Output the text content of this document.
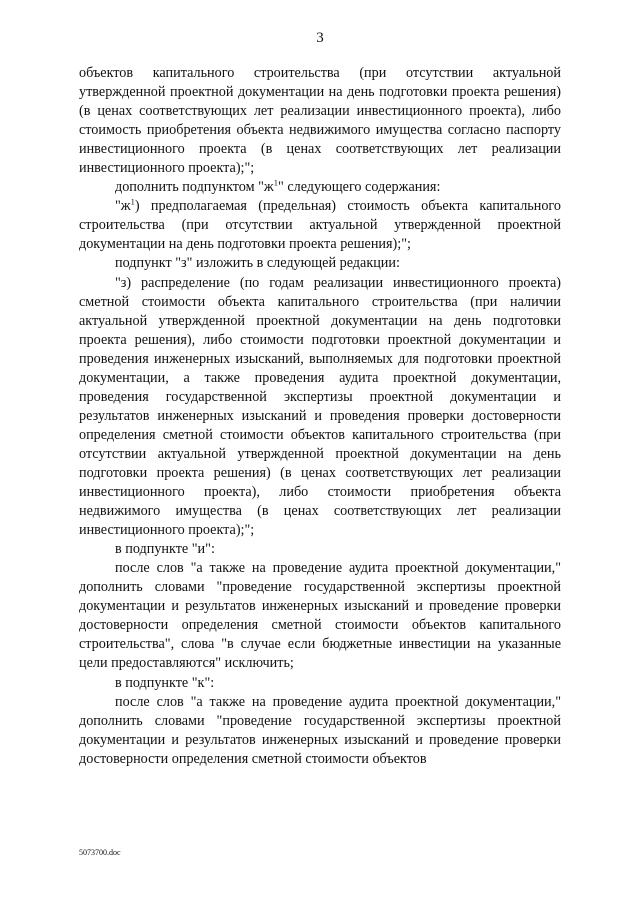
3

объектов капитального строительства (при отсутствии актуальной утвержденной проектной документации на день подготовки проекта решения) (в ценах соответствующих лет реализации инвестиционного проекта), либо стоимость приобретения объекта недвижимого имущества согласно паспорту инвестиционного проекта (в ценах соответствующих лет реализации инвестиционного проекта);";

дополнить подпунктом "$ж^1$" следующего содержания:

"$ж^1$) предполагаемая (предельная) стоимость объекта капитального строительства (при отсутствии актуальной утвержденной проектной документации на день подготовки проекта решения);";

подпункт "з" изложить в следующей редакции:

"з) распределение (по годам реализации инвестиционного проекта) сметной стоимости объекта капитального строительства (при наличии актуальной утвержденной проектной документации на день подготовки проекта решения), либо стоимости подготовки проектной документации и проведения инженерных изысканий, выполняемых для подготовки проектной документации, а также проведения аудита проектной документации, проведения государственной экспертизы проектной документации и результатов инженерных изысканий и проведения проверки достоверности определения сметной стоимости объектов капитального строительства (при отсутствии актуальной утвержденной проектной документации на день подготовки проекта решения) (в ценах соответствующих лет реализации инвестиционного проекта), либо стоимости приобретения объекта недвижимого имущества (в ценах соответствующих лет реализации инвестиционного проекта);";

в подпункте "и":

после слов "а также на проведение аудита проектной документации," дополнить словами "проведение государственной экспертизы проектной документации и результатов инженерных изысканий и проведение проверки достоверности определения сметной стоимости объектов капитального строительства", слова "в случае если бюджетные инвестиции на указанные цели предоставляются" исключить;

в подпункте "к":

после слов "а также на проведение аудита проектной документации," дополнить словами "проведение государственной экспертизы проектной документации и результатов инженерных изысканий и проведение проверки достоверности определения сметной стоимости объектов

5073700.doc
